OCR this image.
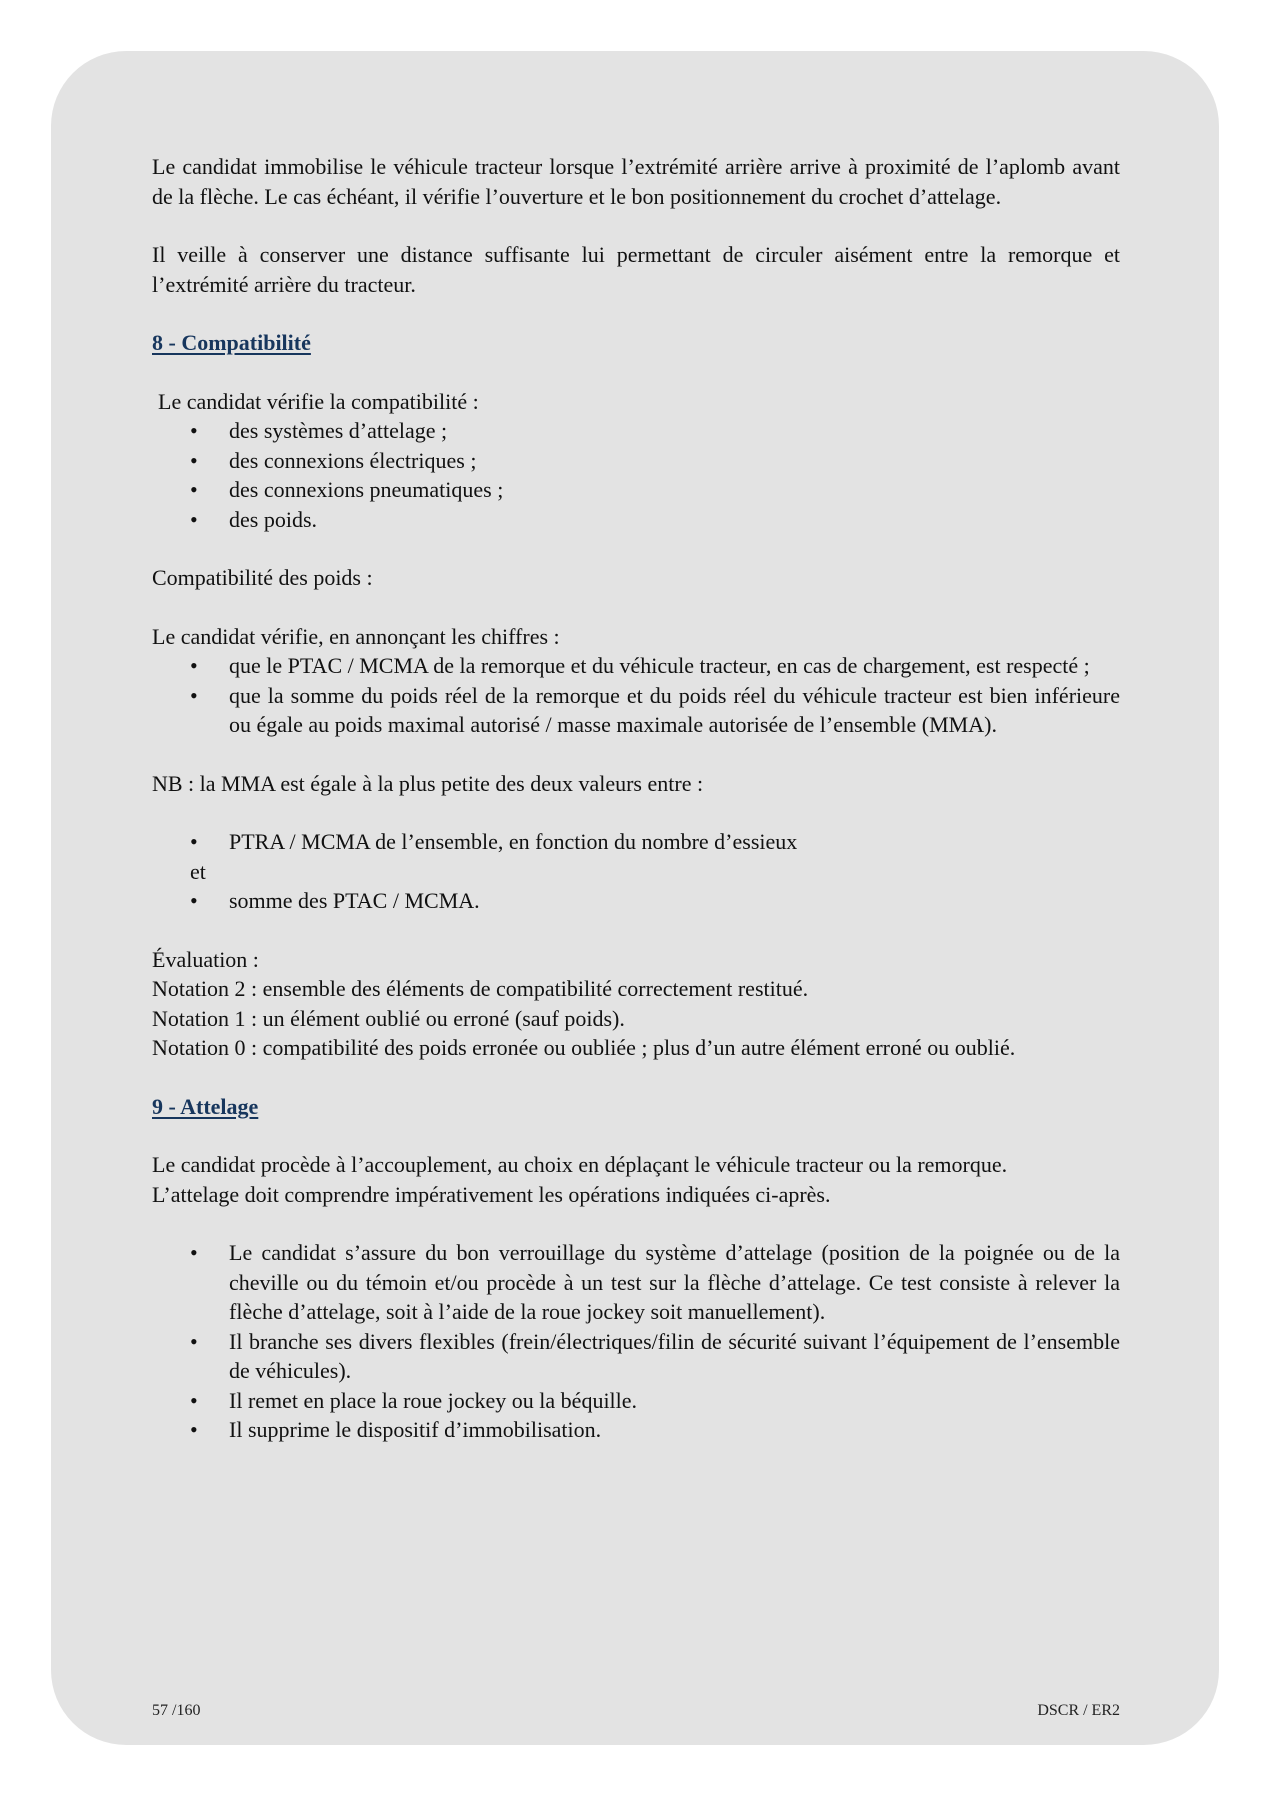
Le candidat immobilise le véhicule tracteur lorsque l’extrémité arrière arrive à proximité de l’aplomb avant de la flèche. Le cas échéant, il vérifie l’ouverture et le bon positionnement du crochet d’attelage.

Il veille à conserver une distance suffisante lui permettant de circuler aisément entre la remorque et l’extrémité arrière du tracteur.

8 - Compatibilité

Le candidat vérifie la compatibilité :

• des systèmes d’attelage ;
• des connexions électriques ;
• des connexions pneumatiques ;
• des poids.

Compatibilité des poids :

Le candidat vérifie, en annonçant les chiffres :

• que le PTAC / MCMA de la remorque et du véhicule tracteur, en cas de chargement, est respecté ;
• que la somme du poids réel de la remorque et du poids réel du véhicule tracteur est bien inférieure ou égale au poids maximal autorisé / masse maximale autorisée de l’ensemble (MMA).

NB : la MMA est égale à la plus petite des deux valeurs entre :

• PTRA / MCMA de l’ensemble, en fonction du nombre d’essieux

et

• somme des PTAC / MCMA.

Évaluation :

Notation 2 : ensemble des éléments de compatibilité correctement restitué.

Notation 1 : un élément oublié ou erroné (sauf poids).

Notation 0 : compatibilité des poids erronée ou oubliée ; plus d’un autre élément erroné ou oublié.

9 - Attelage

Le candidat procède à l’accouplement, au choix en déplaçant le véhicule tracteur ou la remorque.

L’attelage doit comprendre impérativement les opérations indiquées ci-après.

• Le candidat s’assure du bon verrouillage du système d’attelage (position de la poignée ou de la cheville ou du témoin et/ou procède à un test sur la flèche d’attelage. Ce test consiste à relever la flèche d’attelage, soit à l’aide de la roue jockey soit manuellement).
• Il branche ses divers flexibles (frein/électriques/filin de sécurité suivant l’équipement de l’ensemble de véhicules).
• Il remet en place la roue jockey ou la béquille.
• Il supprime le dispositif d’immobilisation.
57 /160	DSCR / ER2
